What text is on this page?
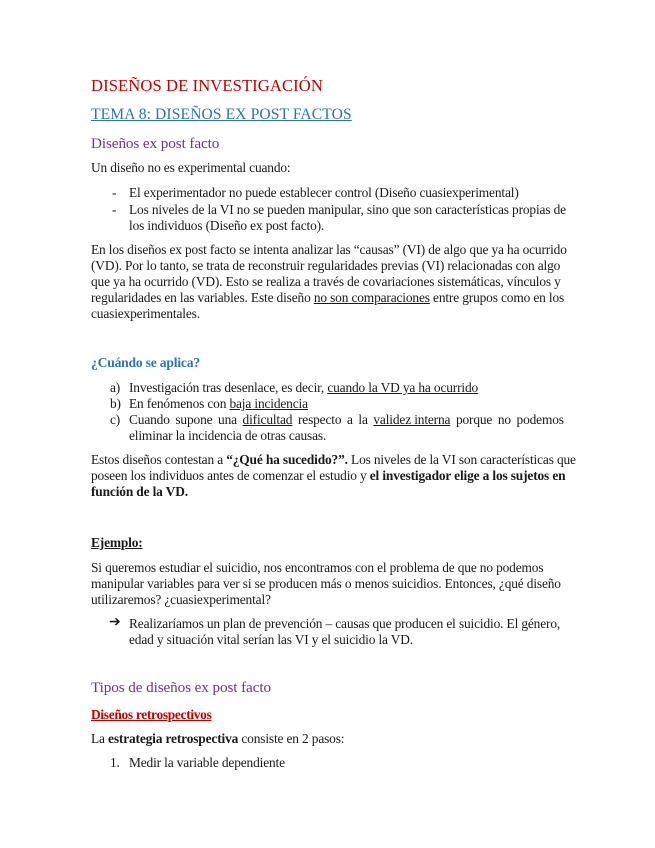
DISEÑOS DE INVESTIGACIÓN
TEMA 8: DISEÑOS EX POST FACTOS
Diseños ex post facto
Un diseño no es experimental cuando:
- El experimentador no puede establecer control (Diseño cuasiexperimental)
- Los niveles de la VI no se pueden manipular, sino que son características propias de
los individuos (Diseño ex post facto).
En los diseños ex post facto se intenta analizar las “causas” (VI) de algo que ya ha ocurrido
(VD). Por lo tanto, se trata de reconstruir regularidades previas (VI) relacionadas con algo
que ya ha ocurrido (VD). Esto se realiza a través de covariaciones sistemáticas, vínculos y
regularidades en las variables. Este diseño no son comparaciones entre grupos como en los
cuasiexperimentales.
¿Cuándo se aplica?
a) Investigación tras desenlace, es decir, cuando la VD ya ha ocurrido
b) En fenómenos con baja incidencia
c) Cuando supone una dificultad respecto a la validez interna porque no podemos
eliminar la incidencia de otras causas.
Estos diseños contestan a “¿Qué ha sucedido?”. Los niveles de la VI son características que
poseen los individuos antes de comenzar el estudio y el investigador elige a los sujetos en
función de la VD.
Ejemplo:
Si queremos estudiar el suicidio, nos encontramos con el problema de que no podemos
manipular variables para ver si se producen más o menos suicidios. Entonces, ¿qué diseño
utilizaremos? ¿cuasiexperimental?
➔ Realizaríamos un plan de prevención – causas que producen el suicidio. El género,
edad y situación vital serían las VI y el suicidio la VD.
Tipos de diseños ex post facto
Diseños retrospectivos
La estrategia retrospectiva consiste en 2 pasos:
1. Medir la variable dependiente
